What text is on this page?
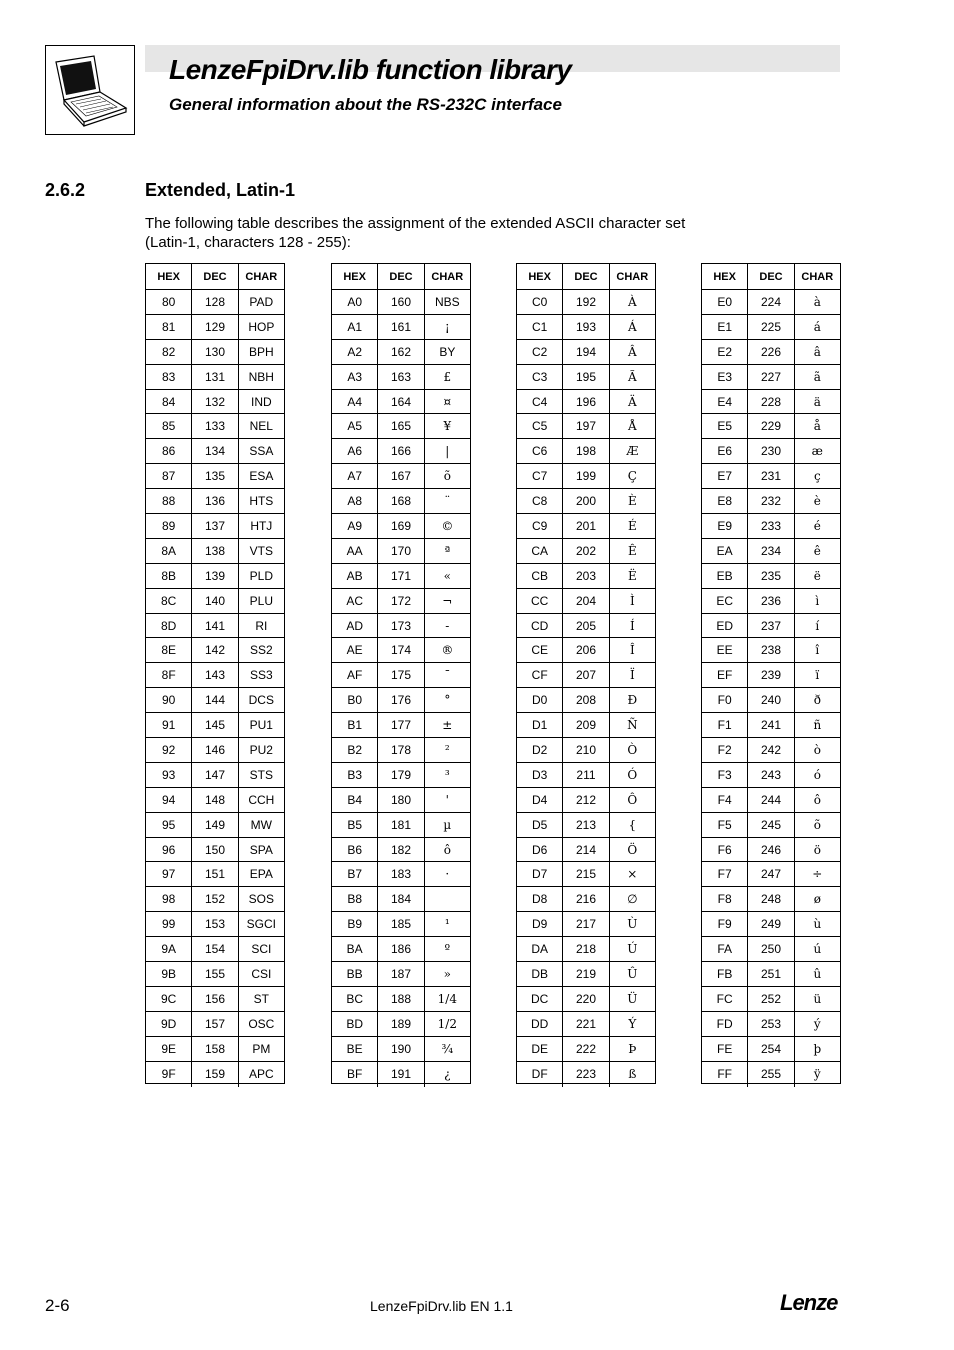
LenzeFpiDrv.lib function library
General information about the RS-232C interface
2.6.2	Extended, Latin-1
The following table describes the assignment of the extended ASCII character set
(Latin-1, characters 128 - 255):
HEX	DEC	CHAR
80	128	PAD
81	129	HOP
82	130	BPH
83	131	NBH
84	132	IND
85	133	NEL
86	134	SSA
87	135	ESA
88	136	HTS
89	137	HTJ
8A	138	VTS
8B	139	PLD
8C	140	PLU
8D	141	RI
8E	142	SS2
8F	143	SS3
90	144	DCS
91	145	PU1
92	146	PU2
93	147	STS
94	148	CCH
95	149	MW
96	150	SPA
97	151	EPA
98	152	SOS
99	153	SGCI
9A	154	SCI
9B	155	CSI
9C	156	ST
9D	157	OSC
9E	158	PM
9F	159	APC
HEX	DEC	CHAR
A0	160	NBS
A1	161	¡
A2	162	BY
A3	163	£
A4	164	¤
A5	165	¥
A6	166	|
A7	167	õ
A8	168	¨
A9	169	©
AA	170	ª
AB	171	«
AC	172	¬
AD	173	-
AE	174	®
AF	175	¯
B0	176	°
B1	177	±
B2	178	²
B3	179	³
B4	180	'
B5	181	µ
B6	182	ô
B7	183	·
B8	184
B9	185	¹
BA	186	º
BB	187	»
BC	188	1/4
BD	189	1/2
BE	190	¾
BF	191	¿
HEX	DEC	CHAR
C0	192	À
C1	193	Á
C2	194	Â
C3	195	Ã
C4	196	Ä
C5	197	Å
C6	198	Æ
C7	199	Ç
C8	200	È
C9	201	É
CA	202	Ê
CB	203	Ë
CC	204	Ì
CD	205	Í
CE	206	Î
CF	207	Ï
D0	208	Ð
D1	209	Ñ
D2	210	Ò
D3	211	Ó
D4	212	Ô
D5	213	{
D6	214	Ö
D7	215	×
D8	216	∅
D9	217	Ù
DA	218	Ú
DB	219	Û
DC	220	Ü
DD	221	Ý
DE	222	Þ
DF	223	ß
HEX	DEC	CHAR
E0	224	à
E1	225	á
E2	226	â
E3	227	ã
E4	228	ä
E5	229	å
E6	230	æ
E7	231	ç
E8	232	è
E9	233	é
EA	234	ê
EB	235	ë
EC	236	ì
ED	237	í
EE	238	î
EF	239	ï
F0	240	ð
F1	241	ñ
F2	242	ò
F3	243	ó
F4	244	ô
F5	245	õ
F6	246	ö
F7	247	÷
F8	248	ø
F9	249	ù
FA	250	ú
FB	251	û
FC	252	ü
FD	253	ý
FE	254	þ
FF	255	ÿ
2-6	LenzeFpiDrv.lib EN 1.1	Lenze
